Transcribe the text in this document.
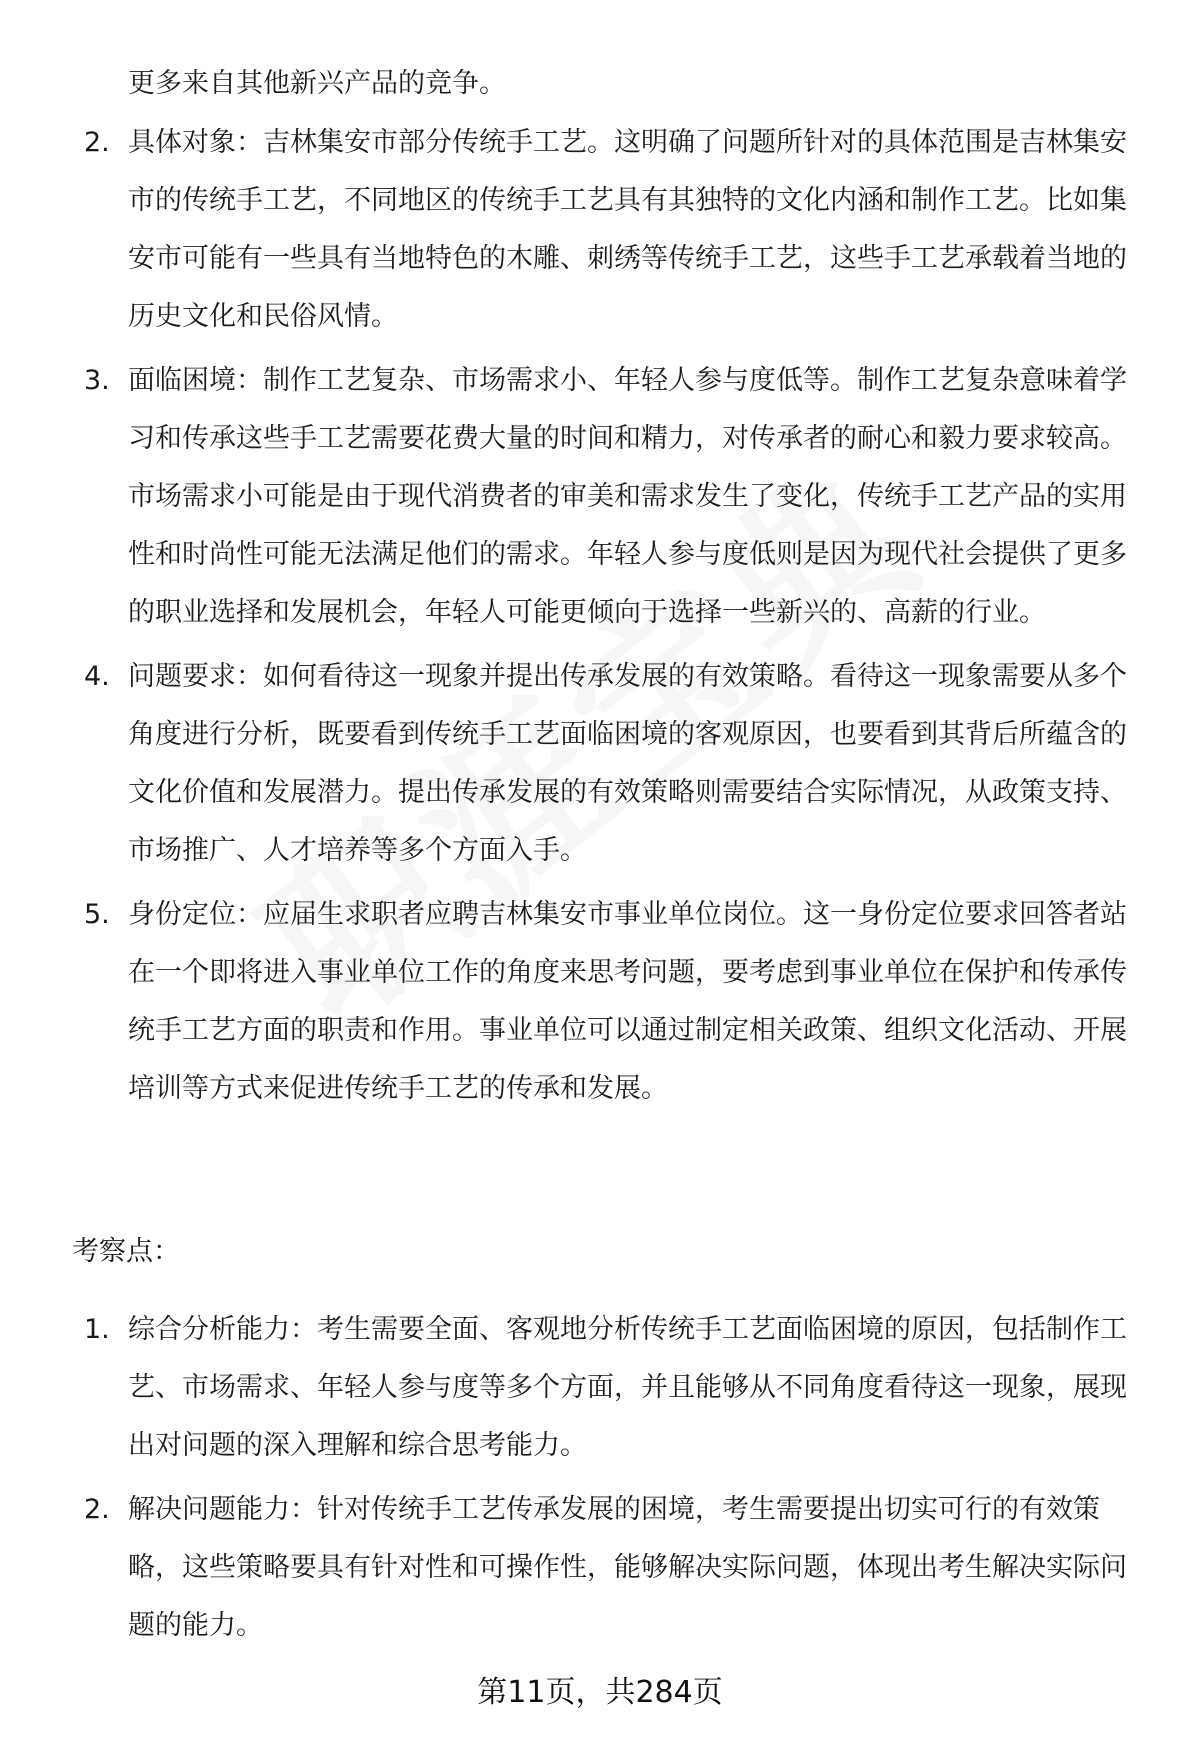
更多来自其他新兴产品的竞争。

2. 具体对象：吉林集安市部分传统手工艺。这明确了问题所针对的具体范围是吉林集安市的传统手工艺，不同地区的传统手工艺具有其独特的文化内涵和制作工艺。比如集安市可能有一些具有当地特色的木雕、刺绣等传统手工艺，这些手工艺承载着当地的历史文化和民俗风情。
3. 面临困境：制作工艺复杂、市场需求小、年轻人参与度低等。制作工艺复杂意味着学习和传承这些手工艺需要花费大量的时间和精力，对传承者的耐心和毅力要求较高。市场需求小可能是由于现代消费者的审美和需求发生了变化，传统手工艺产品的实用性和时尚性可能无法满足他们的需求。年轻人参与度低则是因为现代社会提供了更多的职业选择和发展机会，年轻人可能更倾向于选择一些新兴的、高薪的行业。
4. 问题要求：如何看待这一现象并提出传承发展的有效策略。看待这一现象需要从多个角度进行分析，既要看到传统手工艺面临困境的客观原因，也要看到其背后所蕴含的文化价值和发展潜力。提出传承发展的有效策略则需要结合实际情况，从政策支持、市场推广、人才培养等多个方面入手。
5. 身份定位：应届生求职者应聘吉林集安市事业单位岗位。这一身份定位要求回答者站在一个即将进入事业单位工作的角度来思考问题，要考虑到事业单位在保护和传承传统手工艺方面的职责和作用。事业单位可以通过制定相关政策、组织文化活动、开展培训等方式来促进传统手工艺的传承和发展。

考察点：

1. 综合分析能力：考生需要全面、客观地分析传统手工艺面临困境的原因，包括制作工艺、市场需求、年轻人参与度等多个方面，并且能够从不同角度看待这一现象，展现出对问题的深入理解和综合思考能力。
2. 解决问题能力：针对传统手工艺传承发展的困境，考生需要提出切实可行的有效策略，这些策略要具有针对性和可操作性，能够解决实际问题，体现出考生解决实际问题的能力。
第11页，共284页
